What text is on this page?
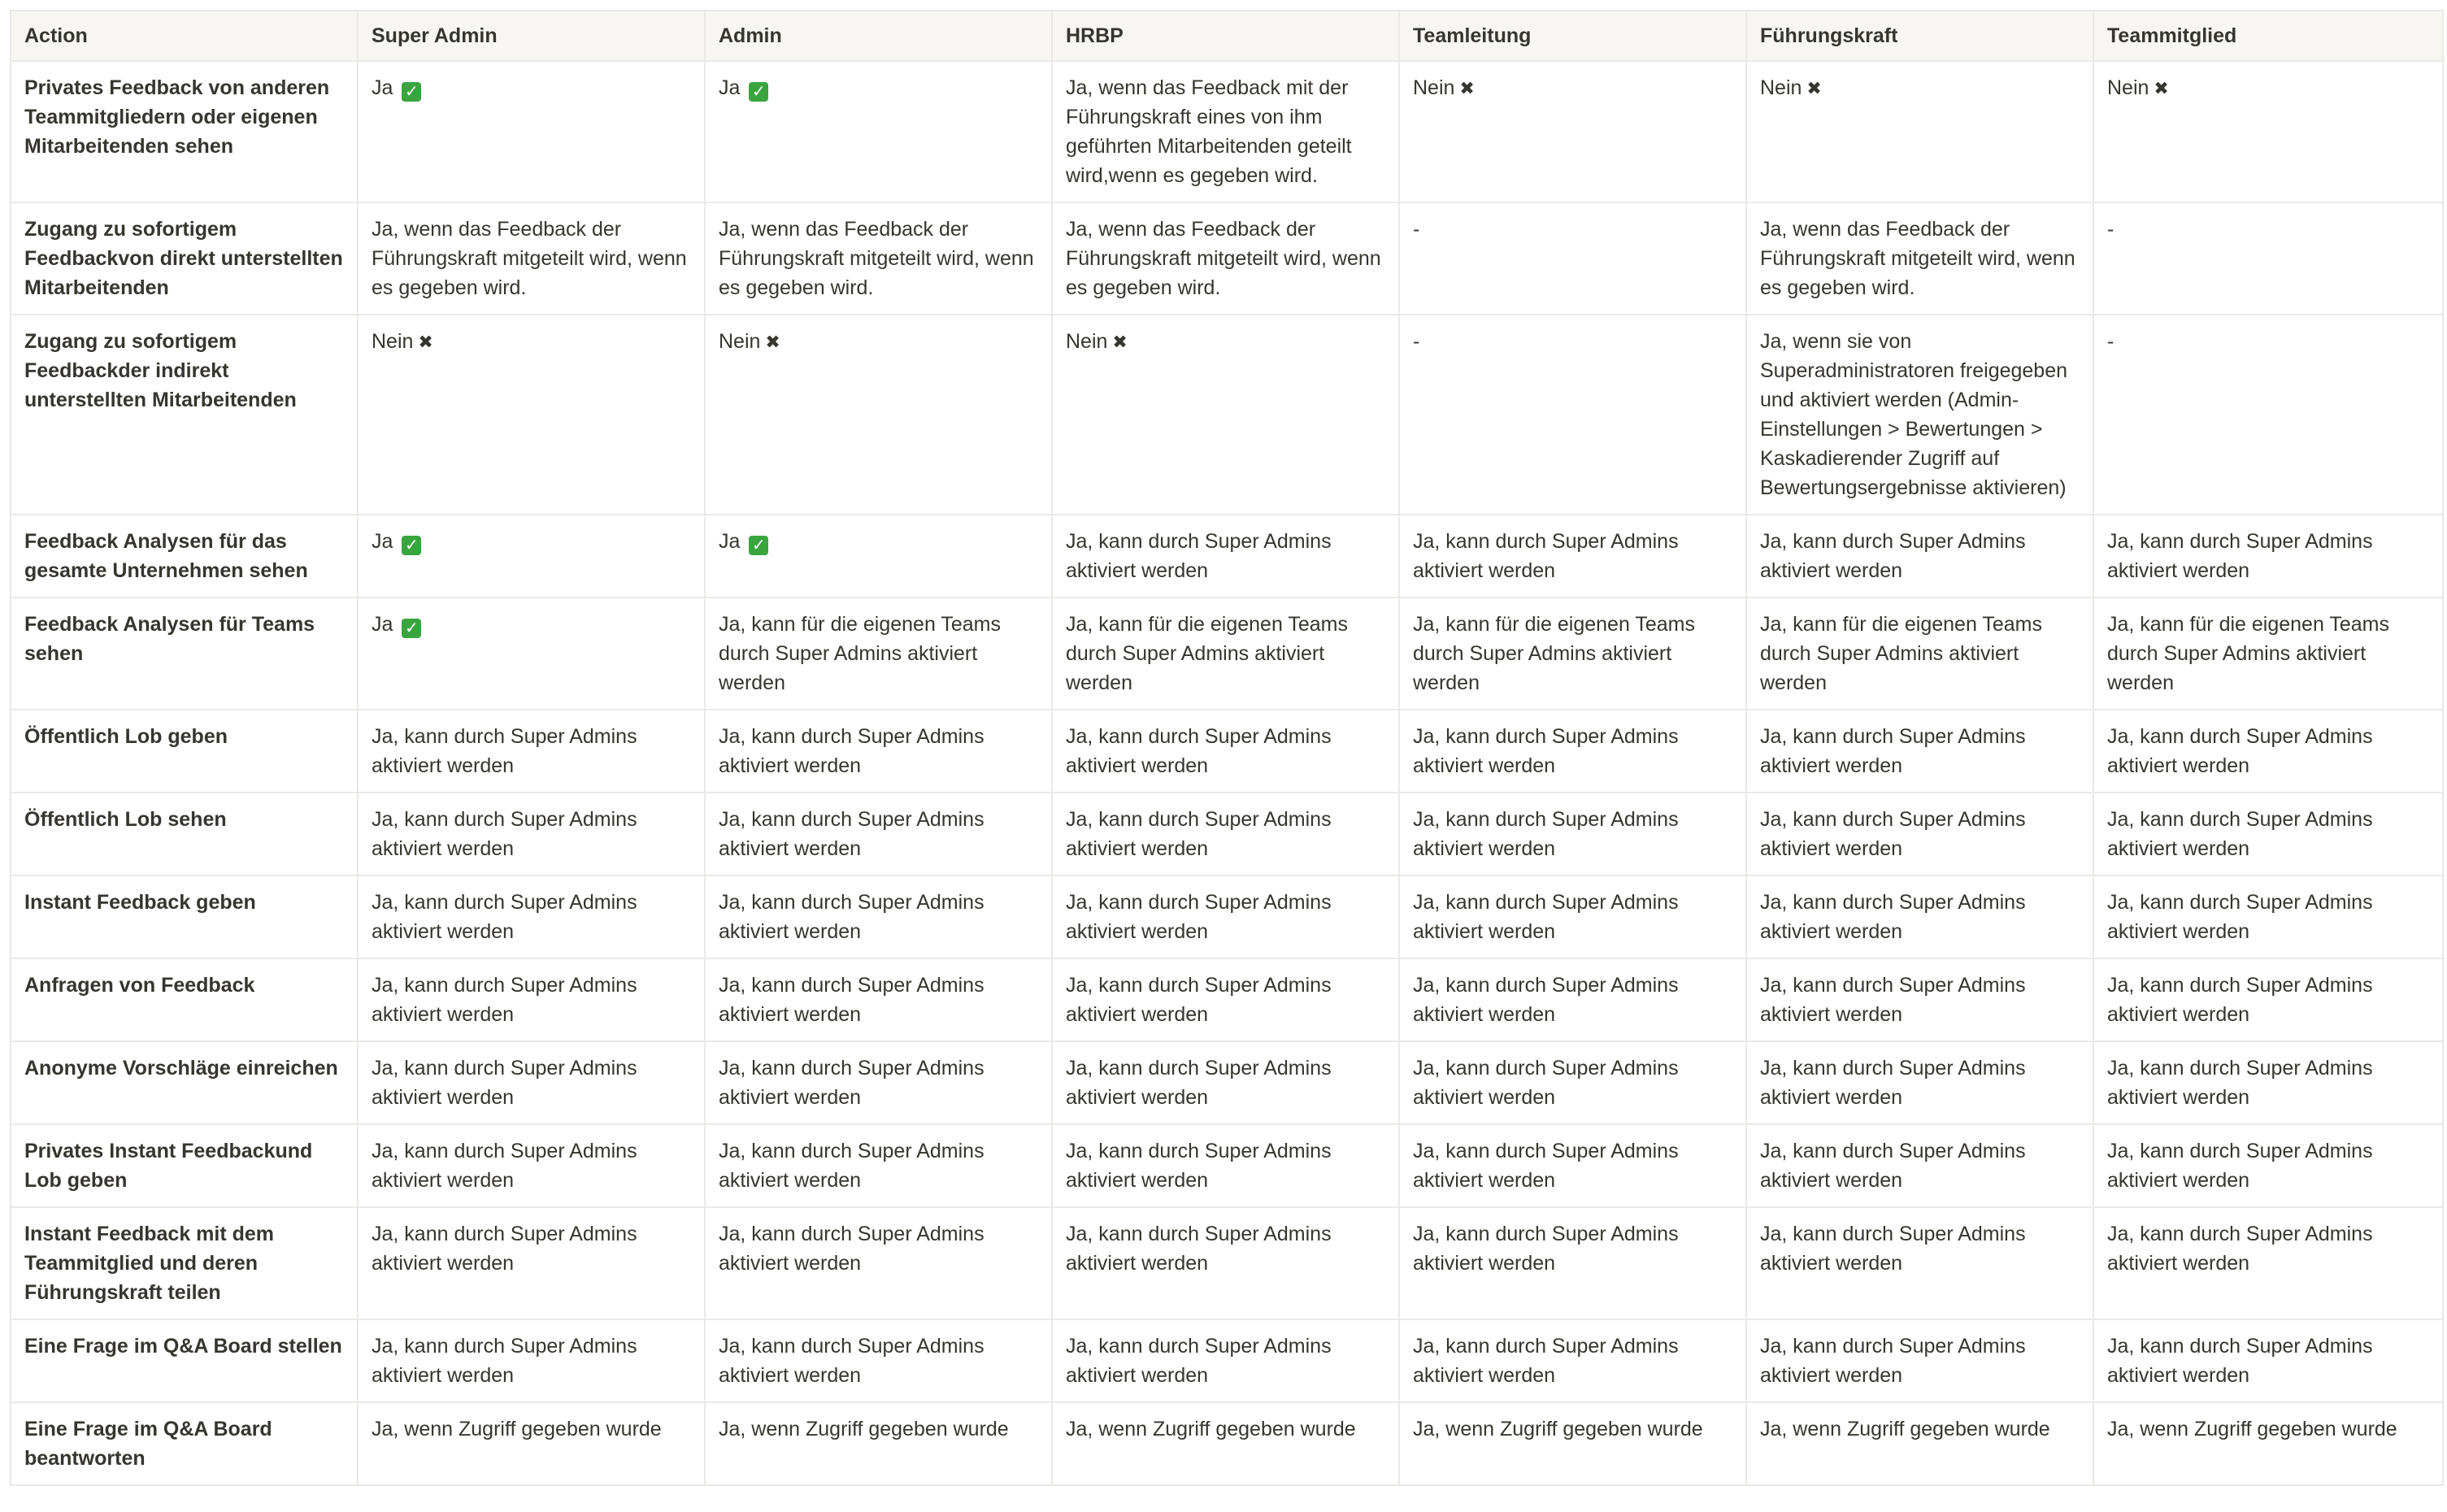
Action	Super Admin	Admin	HRBP	Teamleitung	Führungskraft	Teammitglied
Privates Feedback von anderen Teammitgliedern oder eigenen Mitarbeitenden sehen	Ja ✓	Ja ✓	Ja, wenn das Feedback mit der Führungskraft eines von ihm geführten Mitarbeitenden geteilt wird,wenn es gegeben wird.	Nein ✖	Nein ✖	Nein ✖
Zugang zu sofortigem Feedbackvon direkt unterstellten Mitarbeitenden	Ja, wenn das Feedback der Führungskraft mitgeteilt wird, wenn es gegeben wird.	Ja, wenn das Feedback der Führungskraft mitgeteilt wird, wenn es gegeben wird.	Ja, wenn das Feedback der Führungskraft mitgeteilt wird, wenn es gegeben wird.	-	Ja, wenn das Feedback der Führungskraft mitgeteilt wird, wenn es gegeben wird.	-
Zugang zu sofortigem Feedbackder indirekt unterstellten Mitarbeitenden	Nein ✖	Nein ✖	Nein ✖	-	Ja, wenn sie von Superadministratoren freigegeben und aktiviert werden (Admin-Einstellungen > Bewertungen > Kaskadierender Zugriff auf Bewertungsergebnisse aktivieren)	-
Feedback Analysen für das gesamte Unternehmen sehen	Ja ✓	Ja ✓	Ja, kann durch Super Admins aktiviert werden	Ja, kann durch Super Admins aktiviert werden	Ja, kann durch Super Admins aktiviert werden	Ja, kann durch Super Admins aktiviert werden
Feedback Analysen für Teams sehen	Ja ✓	Ja, kann für die eigenen Teams durch Super Admins aktiviert werden	Ja, kann für die eigenen Teams durch Super Admins aktiviert werden	Ja, kann für die eigenen Teams durch Super Admins aktiviert werden	Ja, kann für die eigenen Teams durch Super Admins aktiviert werden	Ja, kann für die eigenen Teams durch Super Admins aktiviert werden
Öffentlich Lob geben	Ja, kann durch Super Admins aktiviert werden	Ja, kann durch Super Admins aktiviert werden	Ja, kann durch Super Admins aktiviert werden	Ja, kann durch Super Admins aktiviert werden	Ja, kann durch Super Admins aktiviert werden	Ja, kann durch Super Admins aktiviert werden
Öffentlich Lob sehen	Ja, kann durch Super Admins aktiviert werden	Ja, kann durch Super Admins aktiviert werden	Ja, kann durch Super Admins aktiviert werden	Ja, kann durch Super Admins aktiviert werden	Ja, kann durch Super Admins aktiviert werden	Ja, kann durch Super Admins aktiviert werden
Instant Feedback geben	Ja, kann durch Super Admins aktiviert werden	Ja, kann durch Super Admins aktiviert werden	Ja, kann durch Super Admins aktiviert werden	Ja, kann durch Super Admins aktiviert werden	Ja, kann durch Super Admins aktiviert werden	Ja, kann durch Super Admins aktiviert werden
Anfragen von Feedback	Ja, kann durch Super Admins aktiviert werden	Ja, kann durch Super Admins aktiviert werden	Ja, kann durch Super Admins aktiviert werden	Ja, kann durch Super Admins aktiviert werden	Ja, kann durch Super Admins aktiviert werden	Ja, kann durch Super Admins aktiviert werden
Anonyme Vorschläge einreichen	Ja, kann durch Super Admins aktiviert werden	Ja, kann durch Super Admins aktiviert werden	Ja, kann durch Super Admins aktiviert werden	Ja, kann durch Super Admins aktiviert werden	Ja, kann durch Super Admins aktiviert werden	Ja, kann durch Super Admins aktiviert werden
Privates Instant Feedbackund Lob geben	Ja, kann durch Super Admins aktiviert werden	Ja, kann durch Super Admins aktiviert werden	Ja, kann durch Super Admins aktiviert werden	Ja, kann durch Super Admins aktiviert werden	Ja, kann durch Super Admins aktiviert werden	Ja, kann durch Super Admins aktiviert werden
Instant Feedback mit dem Teammitglied und deren Führungskraft teilen	Ja, kann durch Super Admins aktiviert werden	Ja, kann durch Super Admins aktiviert werden	Ja, kann durch Super Admins aktiviert werden	Ja, kann durch Super Admins aktiviert werden	Ja, kann durch Super Admins aktiviert werden	Ja, kann durch Super Admins aktiviert werden
Eine Frage im Q&A Board stellen	Ja, kann durch Super Admins aktiviert werden	Ja, kann durch Super Admins aktiviert werden	Ja, kann durch Super Admins aktiviert werden	Ja, kann durch Super Admins aktiviert werden	Ja, kann durch Super Admins aktiviert werden	Ja, kann durch Super Admins aktiviert werden
Eine Frage im Q&A Board beantworten	Ja, wenn Zugriff gegeben wurde	Ja, wenn Zugriff gegeben wurde	Ja, wenn Zugriff gegeben wurde	Ja, wenn Zugriff gegeben wurde	Ja, wenn Zugriff gegeben wurde	Ja, wenn Zugriff gegeben wurde
